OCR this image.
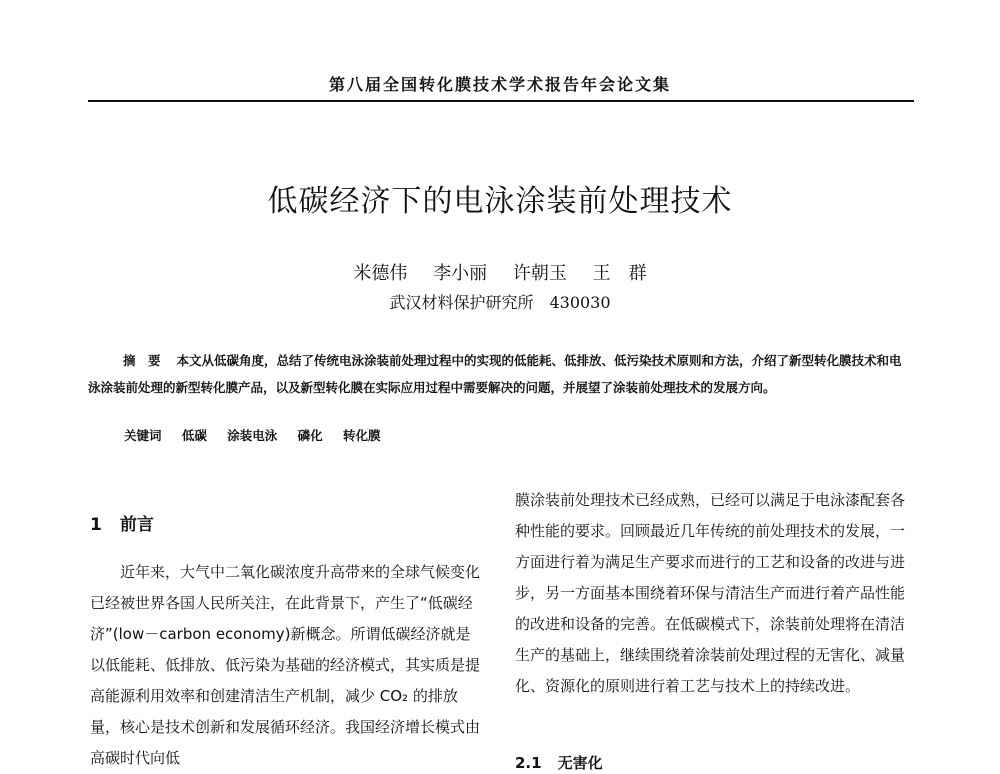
第八届全国转化膜技术学术报告年会论文集
低碳经济下的电泳涂装前处理技术
米德伟 李小丽 许朝玉 王　群
武汉材料保护研究所　430030

摘　要 本文从低碳角度，总结了传统电泳涂装前处理过程中的实现的低能耗、低排放、低污染技术原则和方法，介绍了新型转化膜技术和电泳涂装前处理的新型转化膜产品，以及新型转化膜在实际应用过程中需要解决的问题，并展望了涂装前处理技术的发展方向。

关键词 低碳 涂装电泳 磷化 转化膜
1 前言

近年来，大气中二氧化碳浓度升高带来的全球气候变化已经被世界各国人民所关注，在此背景下，产生了“低碳经济”(low－carbon economy)新概念。所谓低碳经济就是以低能耗、低排放、低污染为基础的经济模式，其实质是提高能源利用效率和创建清洁生产机制，减少 CO₂ 的排放量，核心是技术创新和发展循环经济。我国经济增长模式由高碳时代向低

膜涂装前处理技术已经成熟，已经可以满足于电泳漆配套各种性能的要求。回顾最近几年传统的前处理技术的发展，一方面进行着为满足生产要求而进行的工艺和设备的改进与进步，另一方面基本围绕着环保与清洁生产而进行着产品性能的改进和设备的完善。在低碳模式下，涂装前处理将在清洁生产的基础上，继续围绕着涂装前处理过程的无害化、减量化、资源化的原则进行着工艺与技术上的持续改进。

2.1 无害化
